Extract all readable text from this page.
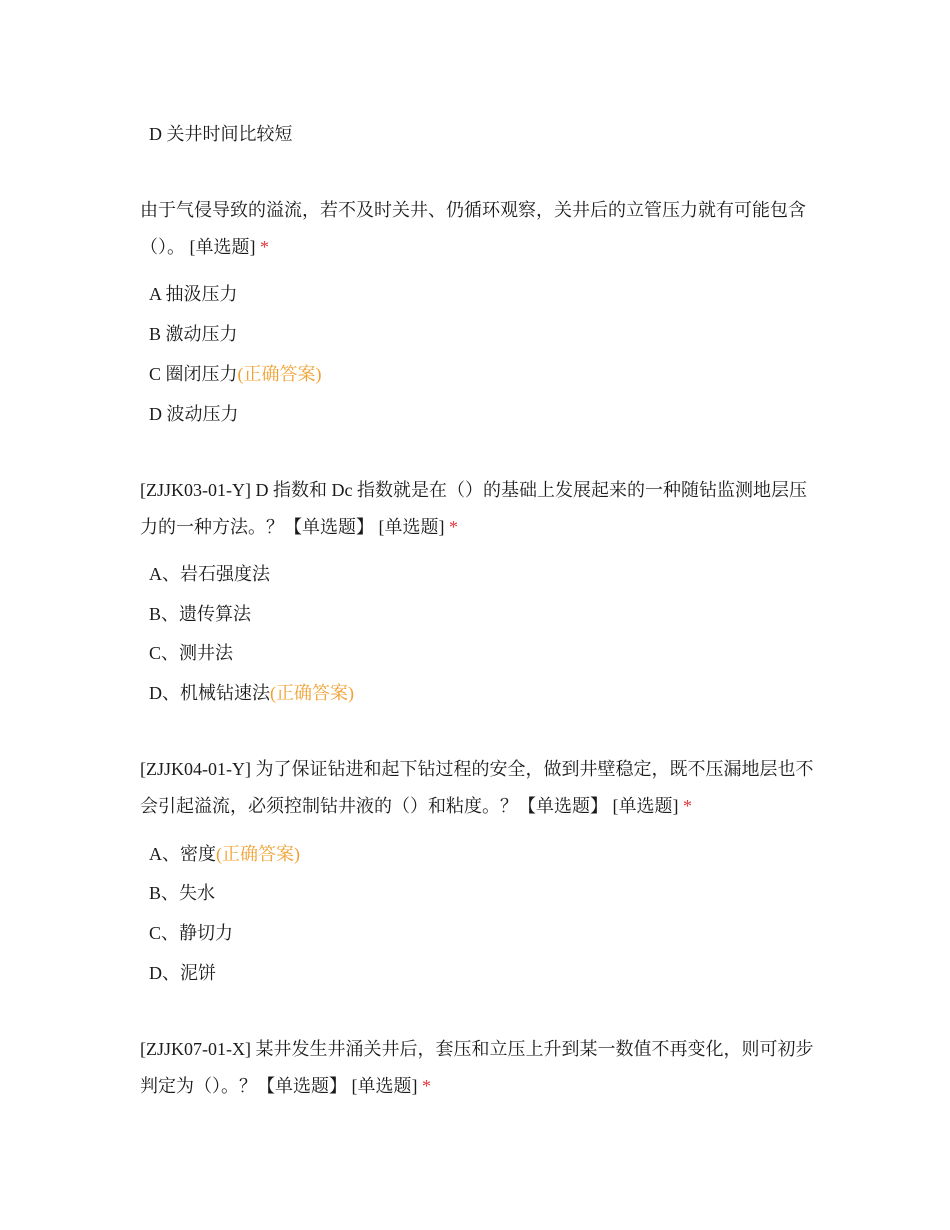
D 关井时间比较短
由于气侵导致的溢流，若不及时关井、仍循环观察，关井后的立管压力就有可能包含（）。 [单选题] *
A 抽汲压力
B 激动压力
C 圈闭压力(正确答案)
D 波动压力
[ZJJK03-01-Y] D 指数和 Dc 指数就是在（）的基础上发展起来的一种随钻监测地层压力的一种方法。？【单选题】 [单选题] *
A、岩石强度法
B、遗传算法
C、测井法
D、机械钻速法(正确答案)
[ZJJK04-01-Y] 为了保证钻进和起下钻过程的安全，做到井壁稳定，既不压漏地层也不会引起溢流，必须控制钻井液的（）和粘度。？【单选题】 [单选题] *
A、密度(正确答案)
B、失水
C、静切力
D、泥饼
[ZJJK07-01-X] 某井发生井涌关井后，套压和立压上升到某一数值不再变化，则可初步判定为（）。？【单选题】 [单选题] *
